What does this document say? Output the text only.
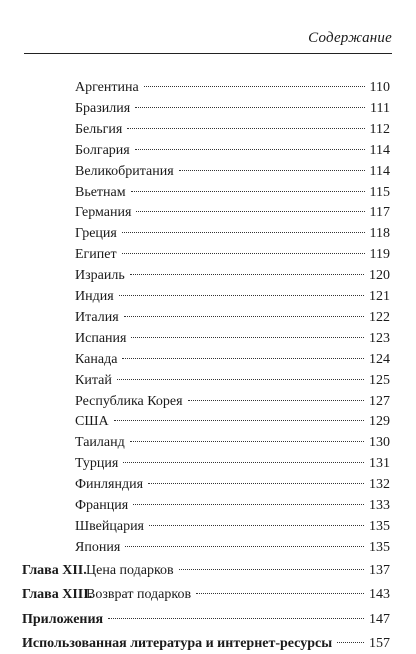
Содержание
Аргентина	110
Бразилия	111
Бельгия	112
Болгария	114
Великобритания	114
Вьетнам	115
Германия	117
Греция	118
Египет	119
Израиль	120
Индия	121
Италия	122
Испания	123
Канада	124
Китай	125
Республика Корея	127
США	129
Таиланд	130
Турция	131
Финляндия	132
Франция	133
Швейцария	135
Япония	135
Глава XII.Цена подарков	137
Глава XIII.Возврат подарков	143
Приложения	147
Использованная литература и интернет-ресурсы	157
